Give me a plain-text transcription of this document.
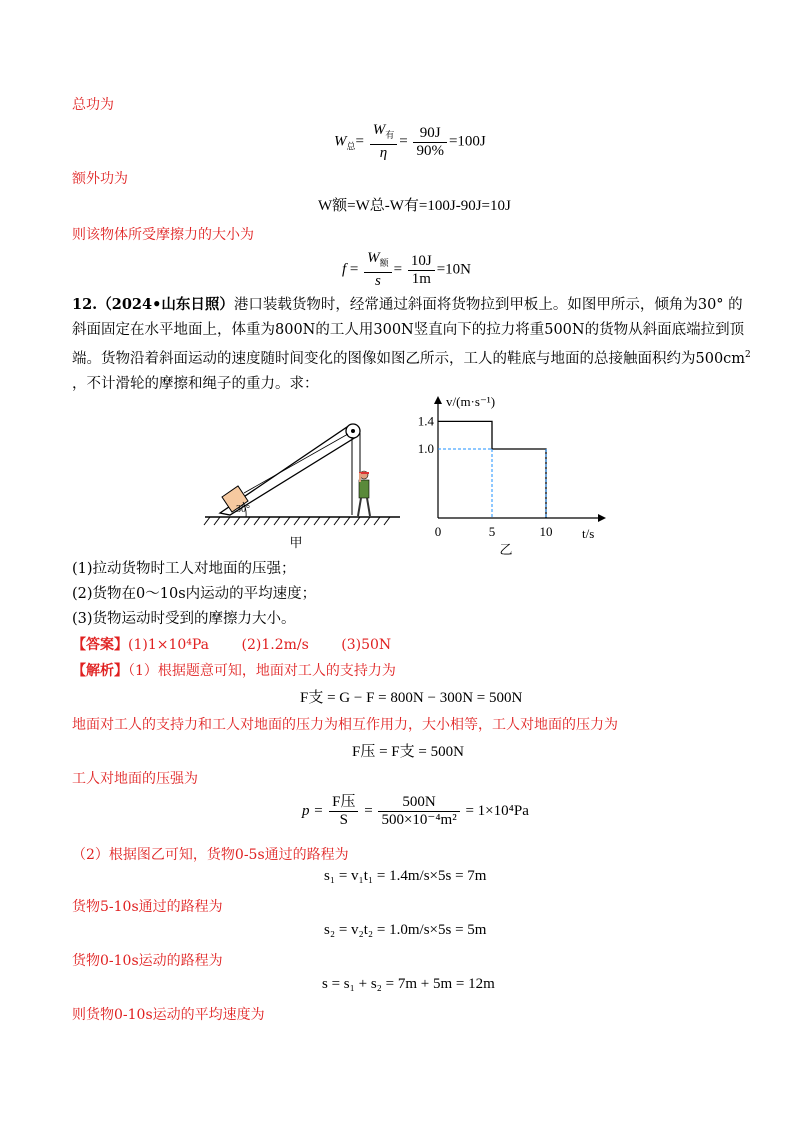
总功为
$W_总= \frac{W_有}{\eta} = \frac{90J}{90\%} =100J$
额外功为
W额=W总-W有=100J-90J=10J
则该物体所受摩擦力的大小为
$f = \frac{W_额}{s} = \frac{10J}{1m} =10N$
12.（2024•山东日照）港口装载货物时，经常通过斜面将货物拉到甲板上。如图甲所示，倾角为30° 的
斜面固定在水平地面上，体重为800N的工人用300N竖直向下的拉力将重500N的货物从斜面底端拉到顶
端。货物沿着斜面运动的速度随时间变化的图像如图乙所示，工人的鞋底与地面的总接触面积约为$500cm^2$
，不计滑轮的摩擦和绳子的重力。求：
30°
甲
v/(m·s⁻¹)
t/s
0	5	10
1.4
1.0
乙
(1)拉动货物时工人对地面的压强；
(2)货物在0～10s内运动的平均速度；
(3)货物运动时受到的摩擦力大小。
【答案】(1)1×10⁴Pa (2)1.2m/s (3)50N
【解析】（1）根据题意可知，地面对工人的支持力为
F支 = G − F = 800N − 300N = 500N
地面对工人的支持力和工人对地面的压力为相互作用力，大小相等，工人对地面的压力为
F压 = F支 = 500N
工人对地面的压强为
$p = \frac{\text{F压}}{S} = \frac{500N}{\text{500×10⁻⁴m²}} = 1\times 10^4Pa$
（2）根据图乙可知，货物0-5s通过的路程为
s₁ = v₁t₁ = 1.4m/s×5s = 7m
货物5-10s通过的路程为
s₂ = v₂t₂ = 1.0m/s×5s = 5m
货物0-10s运动的路程为
s = s₁ + s₂ = 7m + 5m = 12m
则货物0-10s运动的平均速度为
